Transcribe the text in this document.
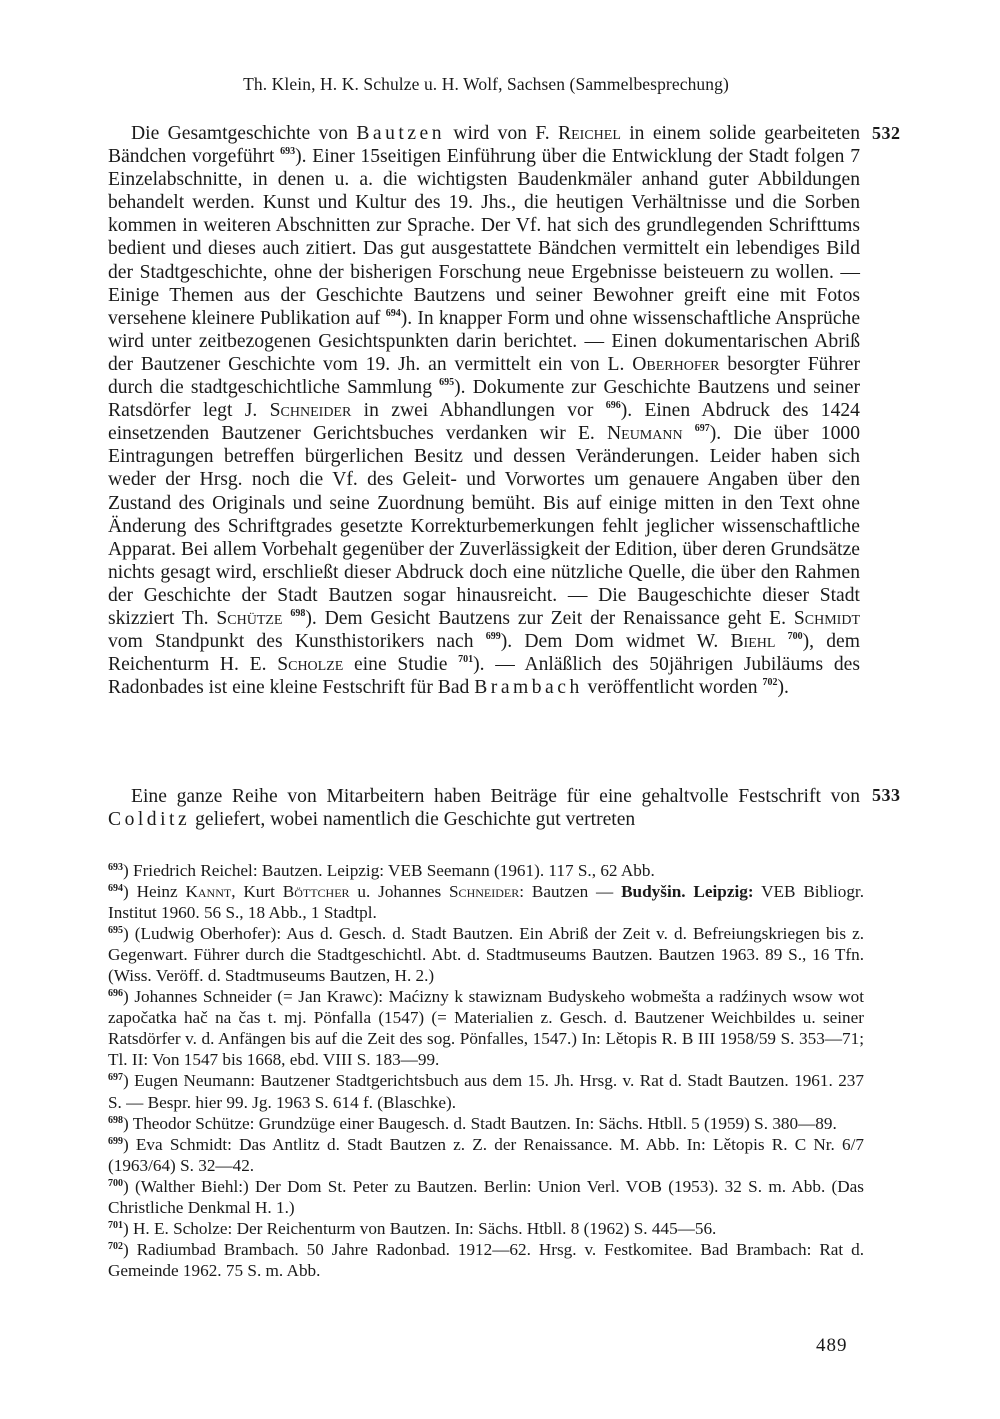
Th. Klein, H. K. Schulze u. H. Wolf, Sachsen (Sammelbesprechung)

Die Gesamtgeschichte von Bautzen wird von F. Reichel in einem solide gearbeiteten Bändchen vorgeführt $^{693}$). Einer 15seitigen Einführung über die Entwicklung der Stadt folgen 7 Einzelabschnitte, in denen u. a. die wichtigsten Baudenkmäler anhand guter Abbildungen behandelt werden. Kunst und Kultur des 19. Jhs., die heutigen Verhältnisse und die Sorben kommen in weiteren Abschnitten zur Sprache. Der Vf. hat sich des grundlegenden Schrifttums bedient und dieses auch zitiert. Das gut ausgestattete Bändchen vermittelt ein lebendiges Bild der Stadtgeschichte, ohne der bisherigen Forschung neue Ergebnisse beisteuern zu wollen. — Einige Themen aus der Geschichte Bautzens und seiner Bewohner greift eine mit Fotos versehene kleinere Publikation auf $^{694}$). In knapper Form und ohne wissenschaftliche Ansprüche wird unter zeitbezogenen Gesichtspunkten darin berichtet. — Einen dokumentarischen Abriß der Bautzener Geschichte vom 19. Jh. an vermittelt ein von L. Oberhofer besorgter Führer durch die stadtgeschichtliche Sammlung $^{695}$). Dokumente zur Geschichte Bautzens und seiner Ratsdörfer legt J. Schneider in zwei Abhandlungen vor $^{696}$). Einen Abdruck des 1424 einsetzenden Bautzener Gerichtsbuches verdanken wir E. Neumann $^{697}$). Die über 1000 Eintragungen betreffen bürgerlichen Besitz und dessen Veränderungen. Leider haben sich weder der Hrsg. noch die Vf. des Geleit- und Vorwortes um genauere Angaben über den Zustand des Originals und seine Zuordnung bemüht. Bis auf einige mitten in den Text ohne Änderung des Schriftgrades gesetzte Korrekturbemerkungen fehlt jeglicher wissenschaftliche Apparat. Bei allem Vorbehalt gegenüber der Zuverlässigkeit der Edition, über deren Grundsätze nichts gesagt wird, erschließt dieser Abdruck doch eine nützliche Quelle, die über den Rahmen der Geschichte der Stadt Bautzen sogar hinausreicht. — Die Baugeschichte dieser Stadt skizziert Th. Schütze $^{698}$). Dem Gesicht Bautzens zur Zeit der Renaissance geht E. Schmidt vom Standpunkt des Kunsthistorikers nach $^{699}$). Dem Dom widmet W. Biehl $^{700}$), dem Reichenturm H. E. Scholze eine Studie $^{701}$). — Anläßlich des 50jährigen Jubiläums des Radonbades ist eine kleine Festschrift für Bad Brambach veröffentlicht worden $^{702}$).

Eine ganze Reihe von Mitarbeitern haben Beiträge für eine gehaltvolle Festschrift von Colditz geliefert, wobei namentlich die Geschichte gut vertreten

$^{693}$) Friedrich Reichel: Bautzen. Leipzig: VEB Seemann (1961). 117 S., 62 Abb.

$^{694}$) Heinz Kannt, Kurt Böttcher u. Johannes Schneider: Bautzen — Budyšin. Leipzig: VEB Bibliogr. Institut 1960. 56 S., 18 Abb., 1 Stadtpl.

$^{695}$) (Ludwig Oberhofer): Aus d. Gesch. d. Stadt Bautzen. Ein Abriß der Zeit v. d. Befreiungskriegen bis z. Gegenwart. Führer durch die Stadtgeschichtl. Abt. d. Stadtmuseums Bautzen. Bautzen 1963. 89 S., 16 Tfn. (Wiss. Veröff. d. Stadtmuseums Bautzen, H. 2.)

$^{696}$) Johannes Schneider (= Jan Krawc): Maćizny k stawiznam Budyskeho wobmešta a radźinych wsow wot započatka hač na čas t. mj. Pönfalla (1547) (= Materialien z. Gesch. d. Bautzener Weichbildes u. seiner Ratsdörfer v. d. Anfängen bis auf die Zeit des sog. Pönfalles, 1547.) In: Lětopis R. B III 1958/59 S. 353—71; Tl. II: Von 1547 bis 1668, ebd. VIII S. 183—99.

$^{697}$) Eugen Neumann: Bautzener Stadtgerichtsbuch aus dem 15. Jh. Hrsg. v. Rat d. Stadt Bautzen. 1961. 237 S. — Bespr. hier 99. Jg. 1963 S. 614 f. (Blaschke).

$^{698}$) Theodor Schütze: Grundzüge einer Baugesch. d. Stadt Bautzen. In: Sächs. Htbll. 5 (1959) S. 380—89.

$^{699}$) Eva Schmidt: Das Antlitz d. Stadt Bautzen z. Z. der Renaissance. M. Abb. In: Lětopis R. C Nr. 6/7 (1963/64) S. 32—42.

$^{700}$) (Walther Biehl:) Der Dom St. Peter zu Bautzen. Berlin: Union Verl. VOB (1953). 32 S. m. Abb. (Das Christliche Denkmal H. 1.)

$^{701}$) H. E. Scholze: Der Reichenturm von Bautzen. In: Sächs. Htbll. 8 (1962) S. 445—56.

$^{702}$) Radiumbad Brambach. 50 Jahre Radonbad. 1912—62. Hrsg. v. Festkomitee. Bad Brambach: Rat d. Gemeinde 1962. 75 S. m. Abb.

532
533
489
